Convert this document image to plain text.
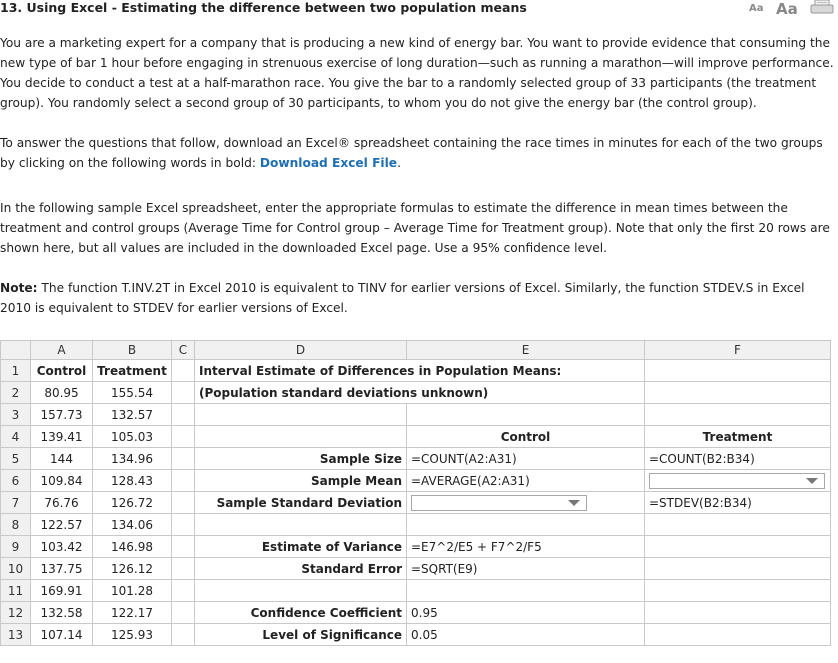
13. Using Excel - Estimating the difference between two population means	Aa Aa

You are a marketing expert for a company that is producing a new kind of energy bar. You want to provide evidence that consuming the new type of bar 1 hour before engaging in strenuous exercise of long duration—such as running a marathon—will improve performance. You decide to conduct a test at a half-marathon race. You give the bar to a randomly selected group of 33 participants (the treatment group). You randomly select a second group of 30 participants, to whom you do not give the energy bar (the control group).

To answer the questions that follow, download an Excel® spreadsheet containing the race times in minutes for each of the two groups by clicking on the following words in bold: Download Excel File.

In the following sample Excel spreadsheet, enter the appropriate formulas to estimate the difference in mean times between the treatment and control groups (Average Time for Control group – Average Time for Treatment group). Note that only the first 20 rows are shown here, but all values are included in the downloaded Excel page. Use a 95% confidence level.

Note: The function T.INV.2T in Excel 2010 is equivalent to TINV for earlier versions of Excel. Similarly, the function STDEV.S in Excel 2010 is equivalent to STDEV for earlier versions of Excel.

	A	B	C	D	E	F
1	Control	Treatment		Interval Estimate of Differences in Population Means:		
2	80.95	155.54		(Population standard deviations unknown)		
3	157.73	132.57				
4	139.41	105.03			Control	Treatment
5	144	134.96		Sample Size	=COUNT(A2:A31)	=COUNT(B2:B34)
6	109.84	128.43		Sample Mean	=AVERAGE(A2:A31)	

7	76.76	126.72		Sample Standard Deviation		=STDEV(B2:B34)
8	122.57	134.06				
9	103.42	146.98		Estimate of Variance	=E7^2/E5 + F7^2/F5	
10	137.75	126.12		Standard Error	=SQRT(E9)	
11	169.91	101.28				
12	132.58	122.17		Confidence Coefficient	0.95	
13	107.14	125.93		Level of Significance	0.05	
